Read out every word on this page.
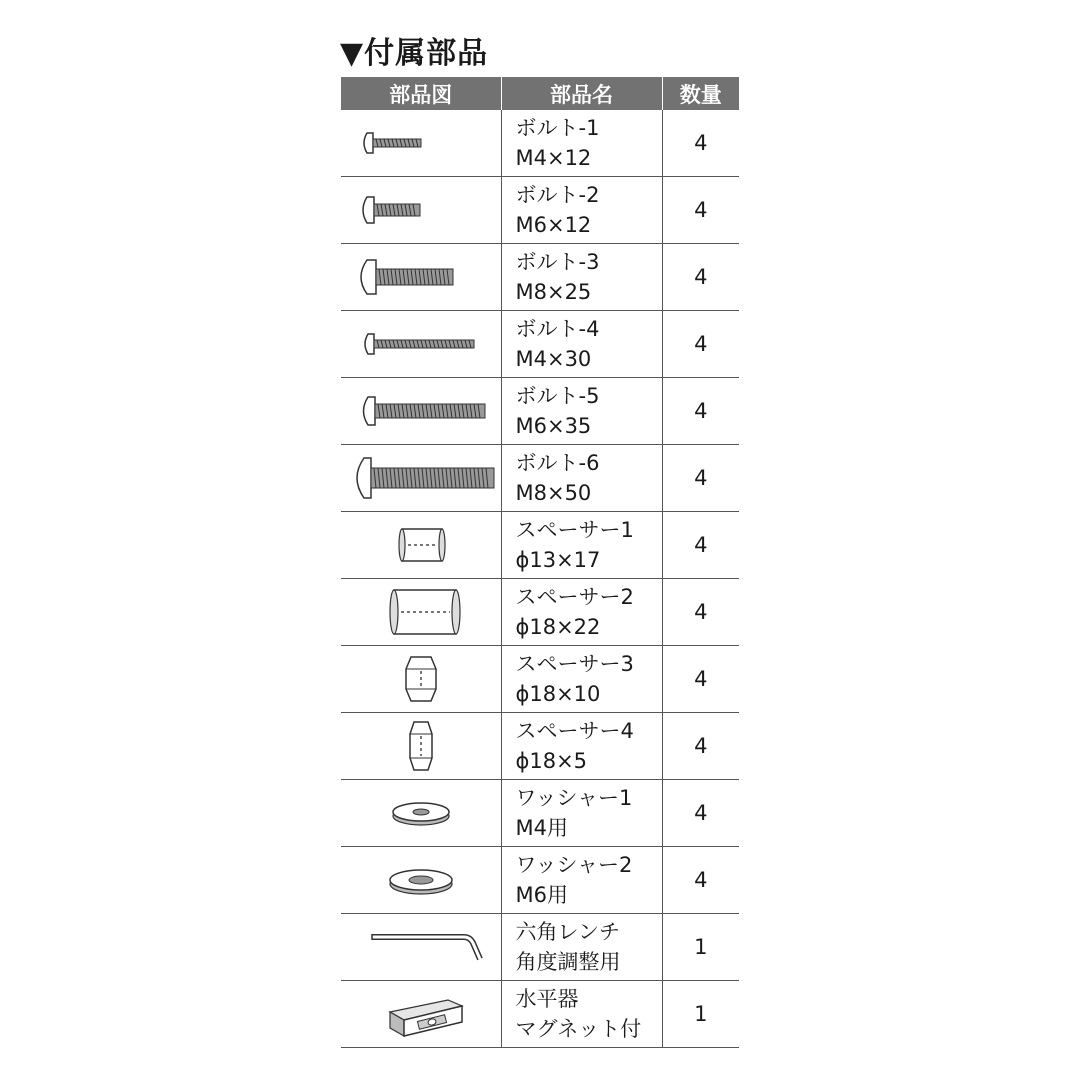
▼付属部品
部品図	部品名	数量

ボルト-1
M4×12	4

ボルト-2
M6×12	4

ボルト-3
M8×25	4

ボルト-4
M4×30	4

ボルト-5
M6×35	4

ボルト-6
M8×50	4

スペーサー1
ϕ13×17	4

スペーサー2
ϕ18×22	4

スペーサー3
ϕ18×10	4

スペーサー4
ϕ18×5	4

ワッシャー1
M4用	4

ワッシャー2
M6用	4

六角レンチ
角度調整用	1

水平器
マグネット付	1
